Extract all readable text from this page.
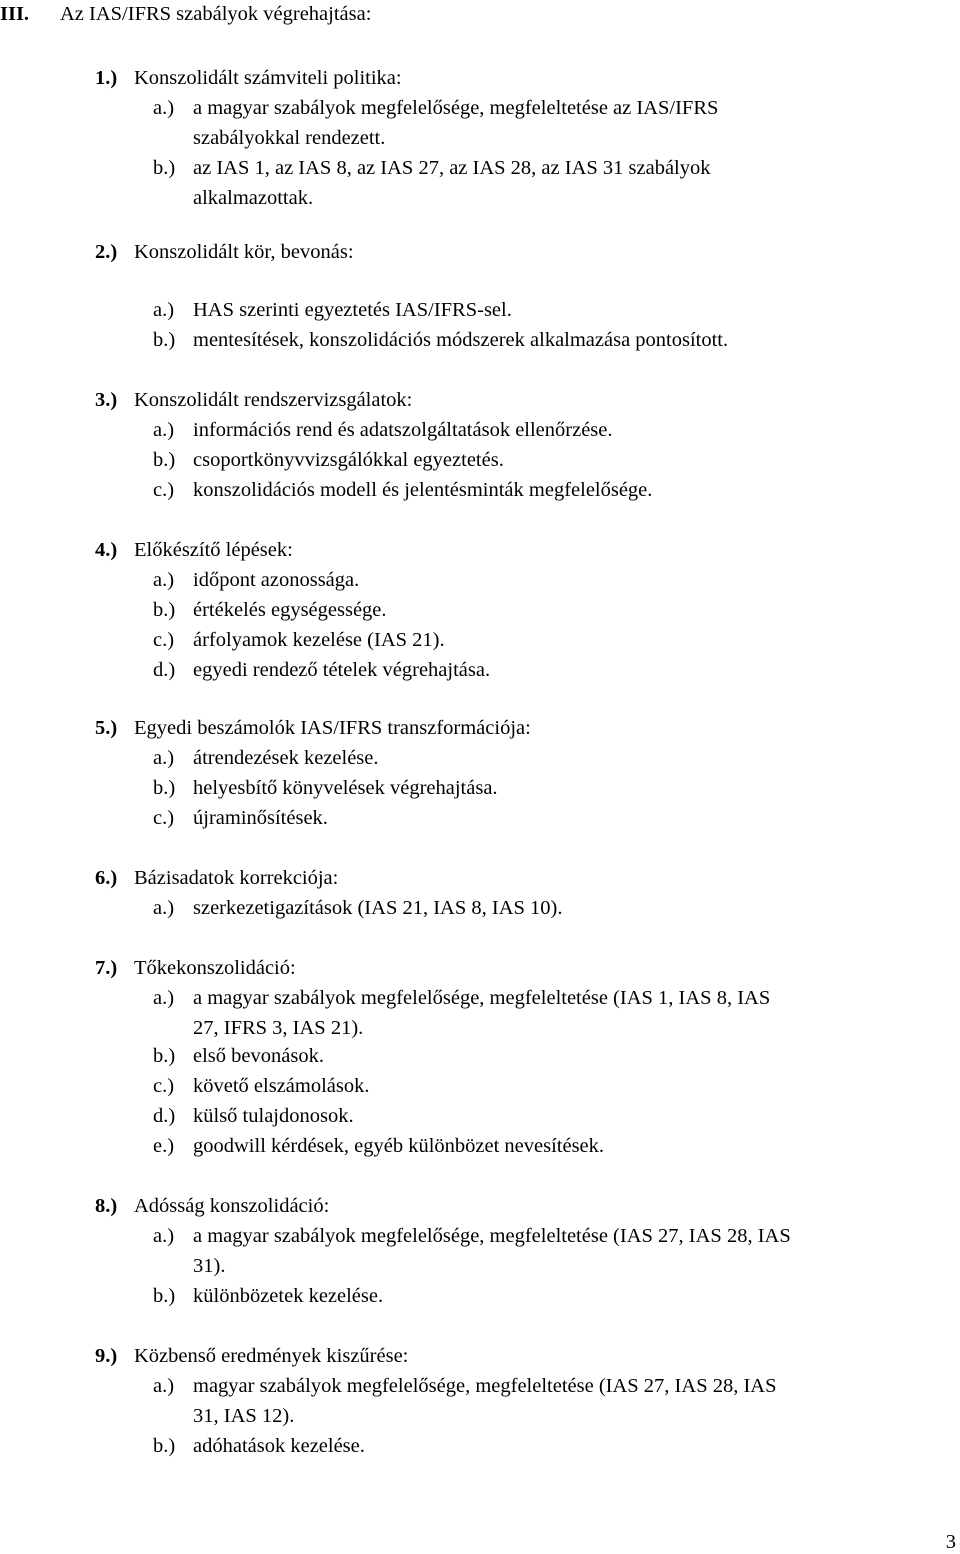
III. Az IAS/IFRS szabályok végrehajtása:
1.) Konszolidált számviteli politika:
a.) a magyar szabályok megfelelősége, megfeleltetése az IAS/IFRS
szabályokkal rendezett.
b.) az IAS 1, az IAS 8, az IAS 27, az IAS 28, az IAS 31 szabályok
alkalmazottak.
2.) Konszolidált kör, bevonás:
a.) HAS szerinti egyeztetés IAS/IFRS-sel.
b.) mentesítések, konszolidációs módszerek alkalmazása pontosított.
3.) Konszolidált rendszervizsgálatok:
a.) információs rend és adatszolgáltatások ellenőrzése.
b.) csoportkönyvvizsgálókkal egyeztetés.
c.) konszolidációs modell és jelentésminták megfelelősége.
4.) Előkészítő lépések:
a.) időpont azonossága.
b.) értékelés egységessége.
c.) árfolyamok kezelése (IAS 21).
d.) egyedi rendező tételek végrehajtása.
5.) Egyedi beszámolók IAS/IFRS transzformációja:
a.) átrendezések kezelése.
b.) helyesbítő könyvelések végrehajtása.
c.) újraminősítések.
6.) Bázisadatok korrekciója:
a.) szerkezetigazítások (IAS 21, IAS 8, IAS 10).
7.) Tőkekonszolidáció:
a.) a magyar szabályok megfelelősége, megfeleltetése (IAS 1, IAS 8, IAS
27, IFRS 3, IAS 21).
b.) első bevonások.
c.) követő elszámolások.
d.) külső tulajdonosok.
e.) goodwill kérdések, egyéb különbözet nevesítések.
8.) Adósság konszolidáció:
a.) a magyar szabályok megfelelősége, megfeleltetése (IAS 27, IAS 28, IAS
31).
b.) különbözetek kezelése.
9.) Közbenső eredmények kiszűrése:
a.) magyar szabályok megfelelősége, megfeleltetése (IAS 27, IAS 28, IAS
31, IAS 12).
b.) adóhatások kezelése.
3
